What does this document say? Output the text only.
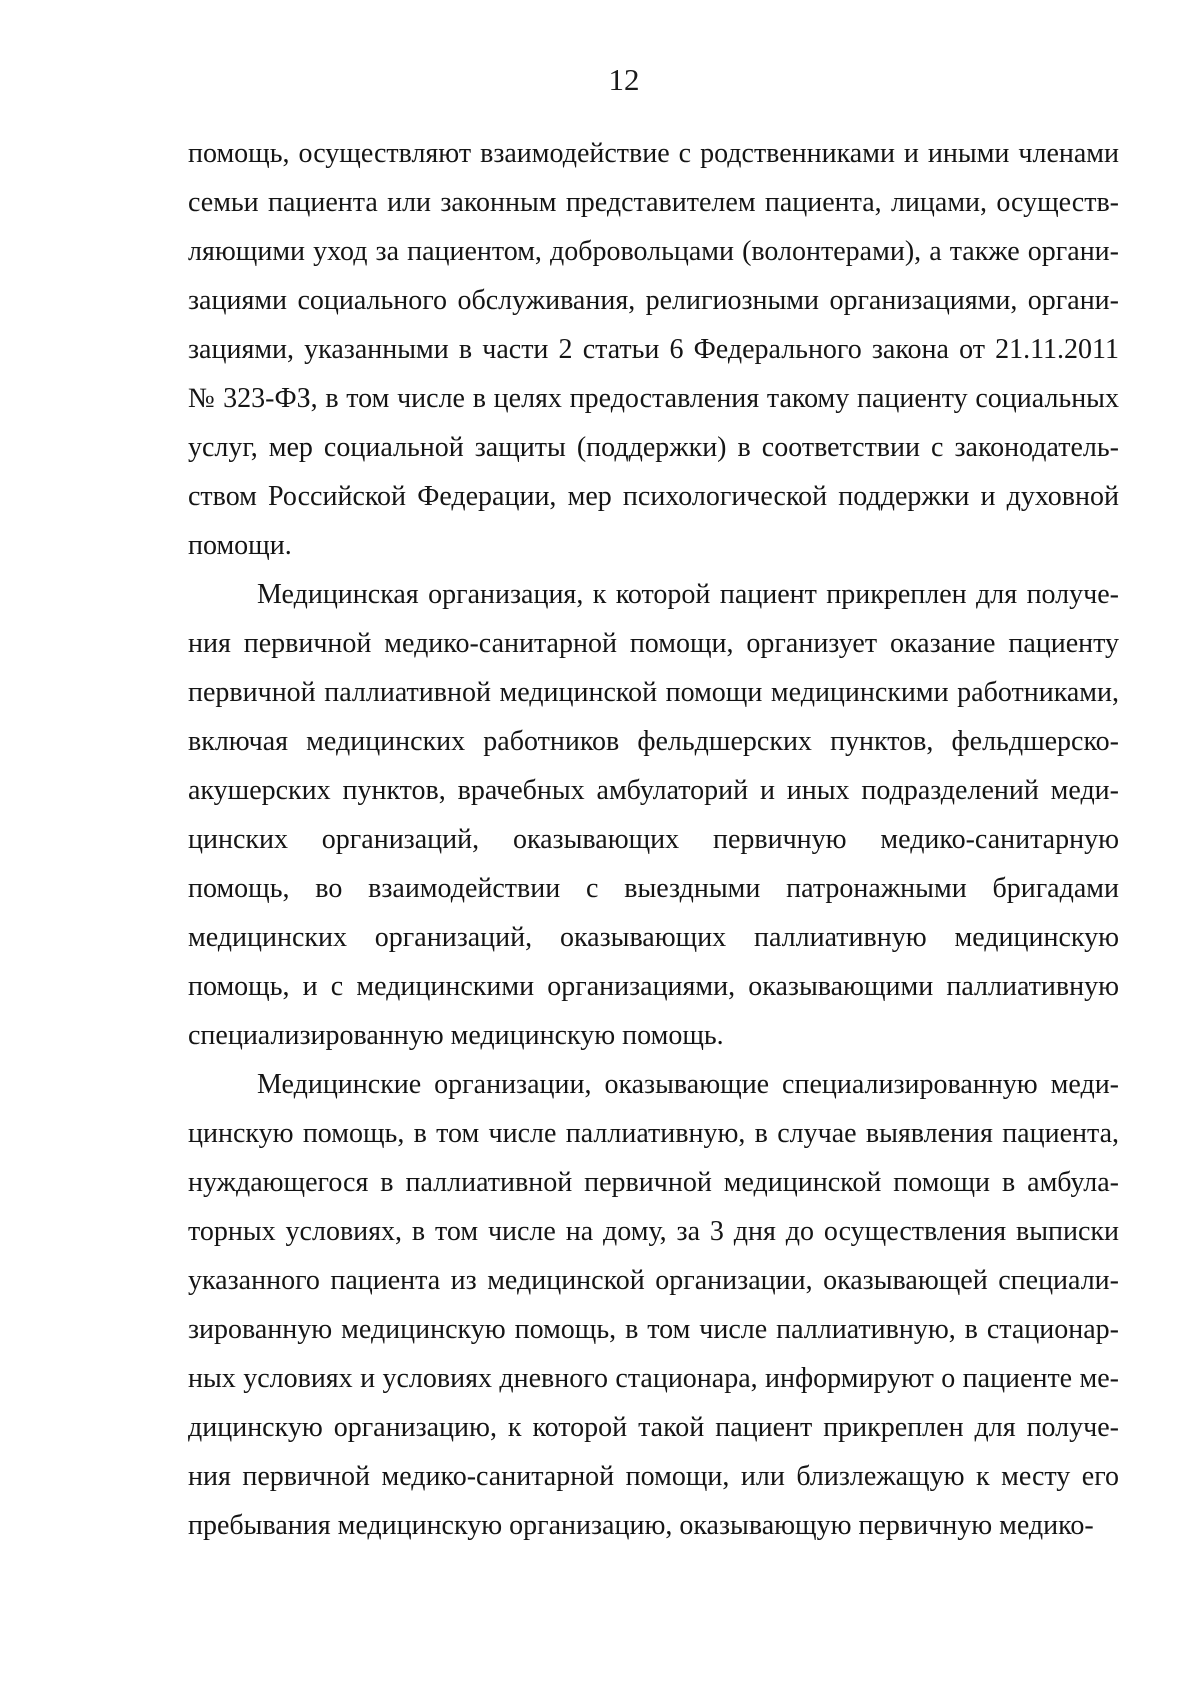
12

помощь, осуществляют взаимодействие с родственниками и иными членами семьи пациента или законным представителем пациента, лицами, осуществляющими уход за пациентом, добровольцами (волонтерами), а также организациями социального обслуживания, религиозными организациями, организациями, указанными в части 2 статьи 6 Федерального закона от 21.11.2011 № 323-ФЗ, в том числе в целях предоставления такому пациенту социальных услуг, мер социальной защиты (поддержки) в соответствии с законодательством Российской Федерации, мер психологической поддержки и духовной помощи.

Медицинская организация, к которой пациент прикреплен для получения первичной медико-санитарной помощи, организует оказание пациенту первичной паллиативной медицинской помощи медицинскими работниками, включая медицинских работников фельдшерских пунктов, фельдшерско-акушерских пунктов, врачебных амбулаторий и иных подразделений медицинских организаций, оказывающих первичную медико-санитарную помощь, во взаимодействии с выездными патронажными бригадами медицинских организаций, оказывающих паллиативную медицинскую помощь, и с медицинскими организациями, оказывающими паллиативную специализированную медицинскую помощь.

Медицинские организации, оказывающие специализированную медицинскую помощь, в том числе паллиативную, в случае выявления пациента, нуждающегося в паллиативной первичной медицинской помощи в амбулаторных условиях, в том числе на дому, за 3 дня до осуществления выписки указанного пациента из медицинской организации, оказывающей специализированную медицинскую помощь, в том числе паллиативную, в стационарных условиях и условиях дневного стационара, информируют о пациенте медицинскую организацию, к которой такой пациент прикреплен для получения первичной медико-санитарной помощи, или близлежащую к месту его пребывания медицинскую организацию, оказывающую первичную медико-
